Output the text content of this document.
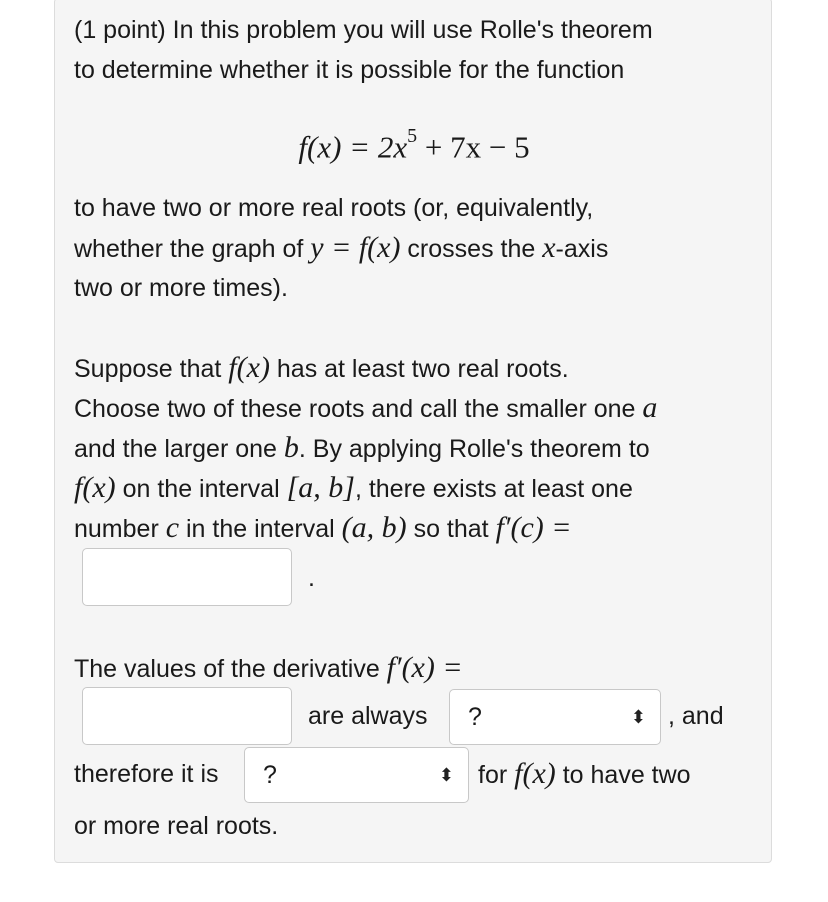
(1 point) In this problem you will use Rolle's theorem
to determine whether it is possible for the function
$f(x) = 2x^5 + 7x - 5$
to have two or more real roots (or, equivalently,
whether the graph of y = f(x) crosses the x-axis
two or more times).
Suppose that f(x) has at least two real roots.
Choose two of these roots and call the smaller one a
and the larger one b. By applying Rolle's theorem to
f(x) on the interval [a, b], there exists at least one
number c in the interval (a, b) so that f′(c) =
.
The values of the derivative f′(x) =
are always	?	⬍ , and
therefore it is	?	⬍ for f(x) to have two
or more real roots.
